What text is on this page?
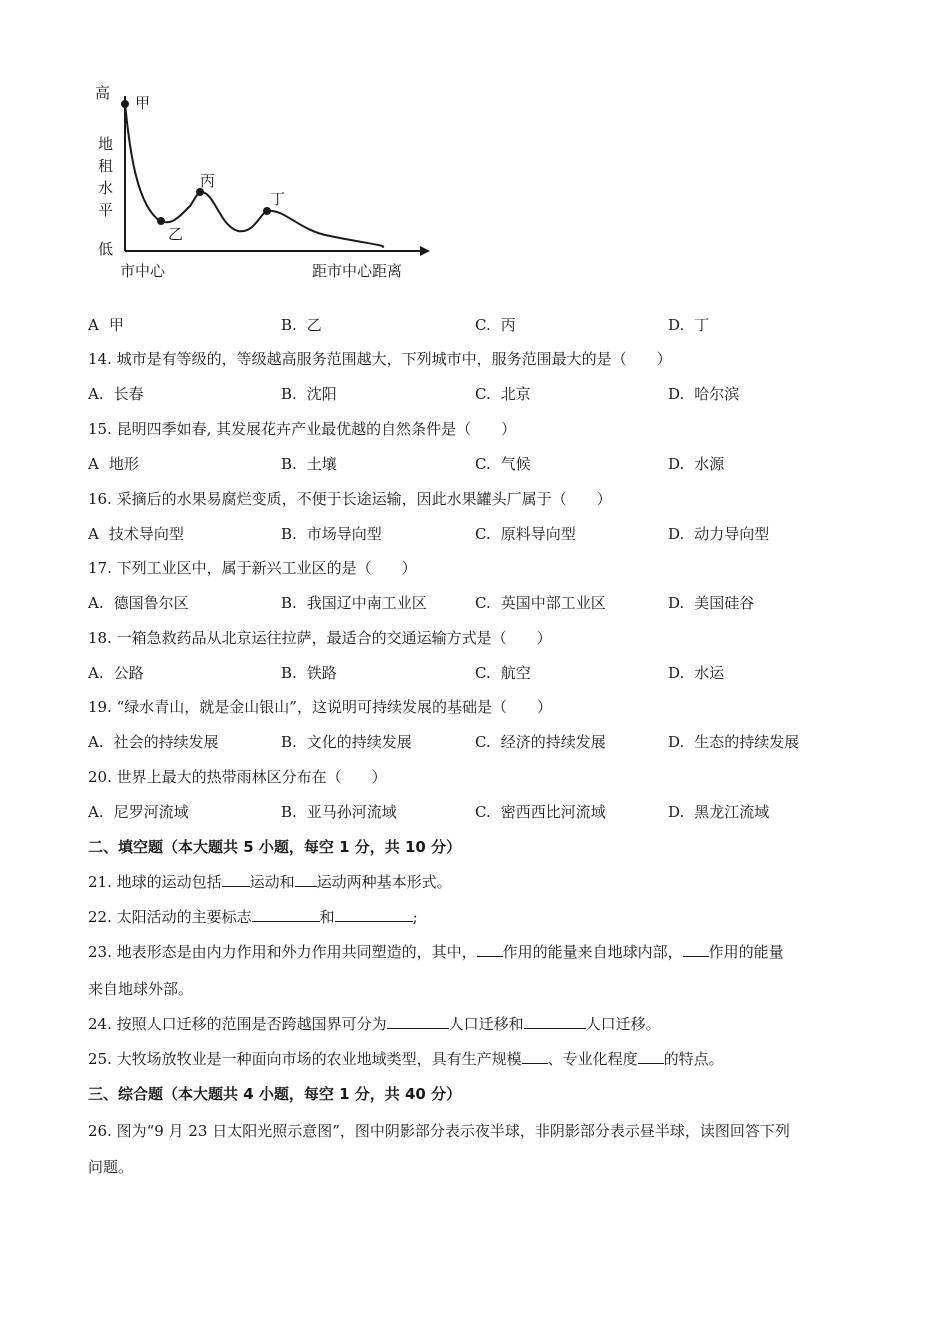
高
地
租
水
平
低
市中心	距市中心距离
甲
乙
丙
丁
A 甲	B. 乙	C. 丙	D. 丁
14. 城市是有等级的，等级越高服务范围越大，下列城市中，服务范围最大的是（　　）
A. 长春	B. 沈阳	C. 北京	D. 哈尔滨
15. 昆明四季如春, 其发展花卉产业最优越的自然条件是（　　）
A 地形	B. 土壤	C. 气候	D. 水源
16. 采摘后的水果易腐烂变质，不便于长途运输，因此水果罐头厂属于（　　）
A 技术导向型	B. 市场导向型	C. 原料导向型	D. 动力导向型
17. 下列工业区中，属于新兴工业区的是（　　）
A. 德国鲁尔区	B. 我国辽中南工业区	C. 英国中部工业区	D. 美国硅谷
18. 一箱急救药品从北京运往拉萨，最适合的交通运输方式是（　　）
A. 公路	B. 铁路	C. 航空	D. 水运
19. “绿水青山，就是金山银山”，这说明可持续发展的基础是（　　）
A. 社会的持续发展	B. 文化的持续发展	C. 经济的持续发展	D. 生态的持续发展
20. 世界上最大的热带雨林区分布在（　　）
A. 尼罗河流域	B. 亚马孙河流域	C. 密西西比河流域	D. 黑龙江流域
二、填空题（本大题共 5 小题，每空 1 分，共 10 分）
21. 地球的运动包括 运动和 运动两种基本形式。
22. 太阳活动的主要标志	和	;
23. 地表形态是由内力作用和外力作用共同塑造的，其中， 作用的能量来自地球内部， 作用的能量
来自地球外部。
24. 按照人口迁移的范围是否跨越国界可分为	人口迁移和	人口迁移。
25. 大牧场放牧业是一种面向市场的农业地域类型，具有生产规模 、专业化程度 的特点。
三、综合题（本大题共 4 小题，每空 1 分，共 40 分）
26. 图为“9 月 23 日太阳光照示意图”，图中阴影部分表示夜半球，非阴影部分表示昼半球，读图回答下列
问题。
